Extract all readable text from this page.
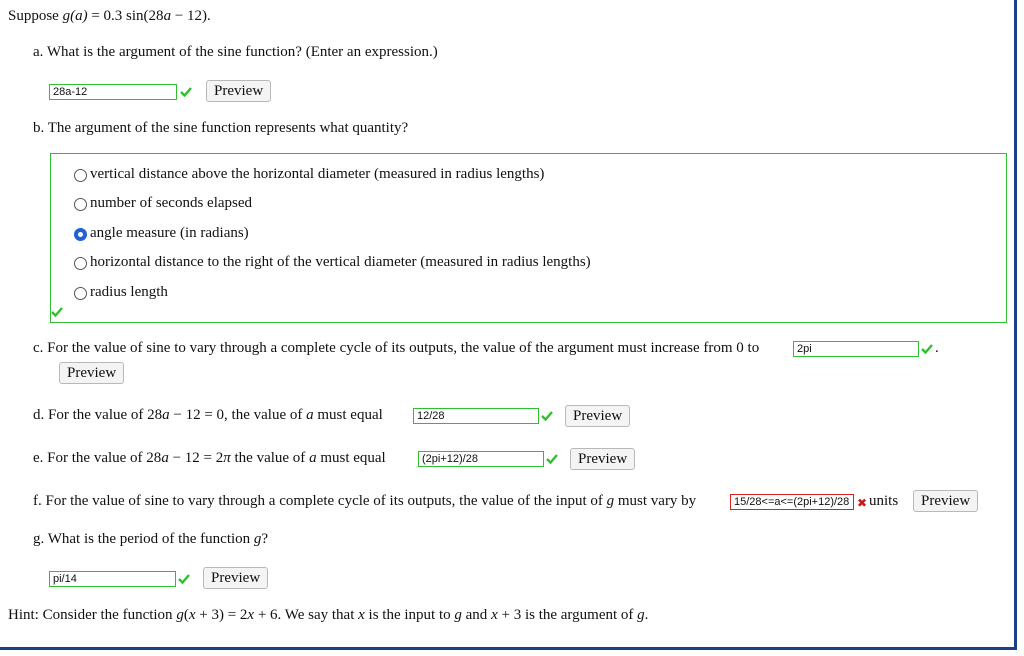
Suppose g(a) = 0.3 sin(28a − 12).
a. What is the argument of the sine function? (Enter an expression.)
28a-12
Preview
b. The argument of the sine function represents what quantity?
vertical distance above the horizontal diameter (measured in radius lengths)
number of seconds elapsed
angle measure (in radians)
horizontal distance to the right of the vertical diameter (measured in radius lengths)
radius length
c. For the value of sine to vary through a complete cycle of its outputs, the value of the argument must increase from 0 to
2pi	.
Preview
d. For the value of 28a − 12 = 0, the value of a must equal
12/28	Preview
e. For the value of 28a − 12 = 2π the value of a must equal
(2pi+12)/28	Preview
f. For the value of sine to vary through a complete cycle of its outputs, the value of the input of g must vary by
15/28<=a<=(2pi+12)/28	✖ units	Preview
g. What is the period of the function g?
pi/14
Preview
Hint: Consider the function g(x + 3) = 2x + 6. We say that x is the input to g and x + 3 is the argument of g.
